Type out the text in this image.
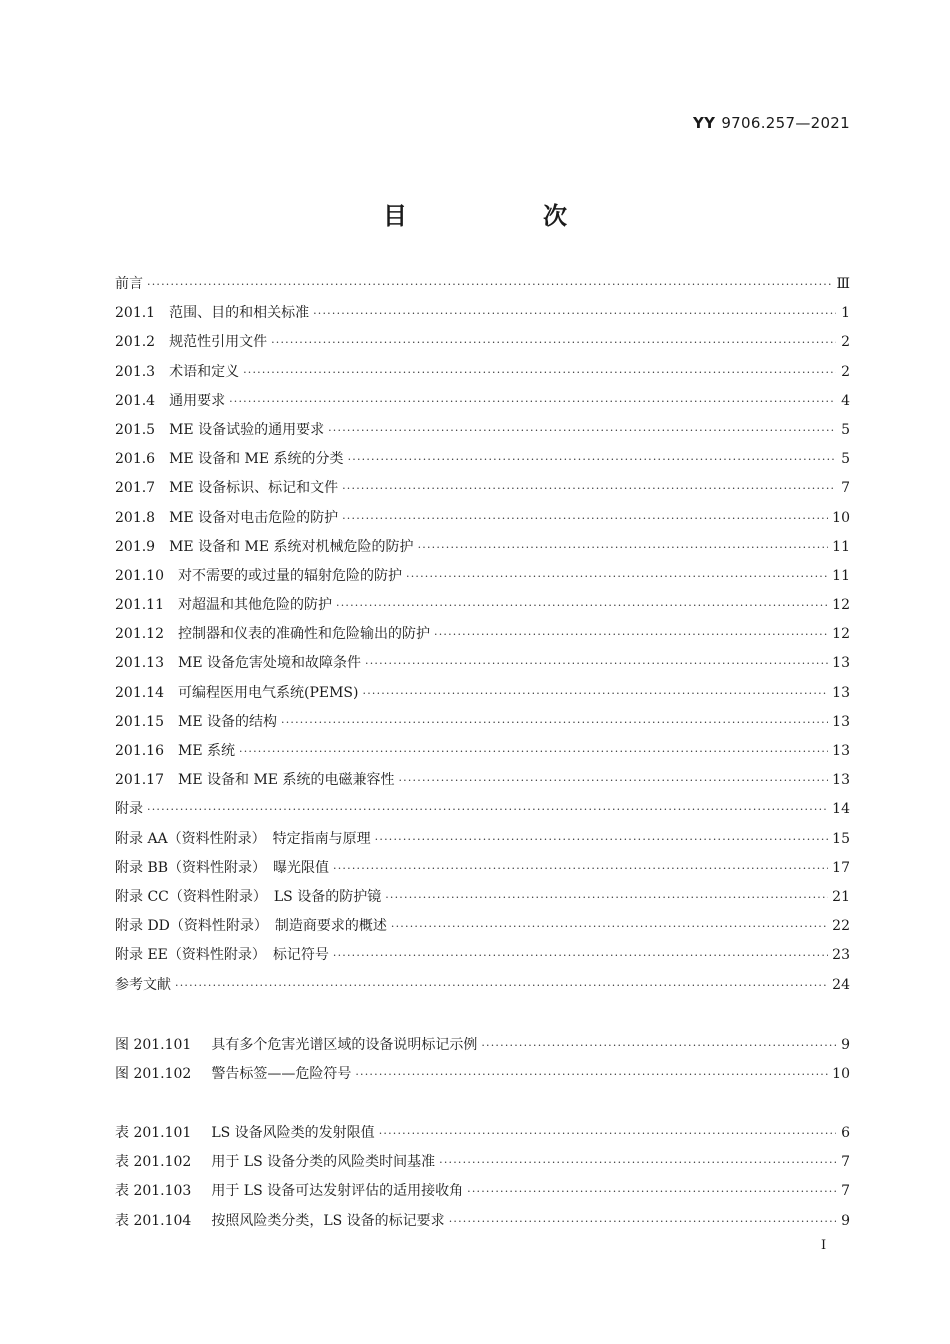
YY 9706.257—2021
目　次
前言 ·····	Ⅲ
201.1 范围、目的和相关标准 ·····	1
201.2 规范性引用文件 ·····	2
201.3 术语和定义 ·····	2
201.4 通用要求 ·····	4
201.5 ME 设备试验的通用要求 ·····	5
201.6 ME 设备和 ME 系统的分类 ·····	5
201.7 ME 设备标识、标记和文件 ·····	7
201.8 ME 设备对电击危险的防护 ·····	10
201.9 ME 设备和 ME 系统对机械危险的防护 ·····	11
201.10 对不需要的或过量的辐射危险的防护 ·····	11
201.11 对超温和其他危险的防护 ·····	12
201.12 控制器和仪表的准确性和危险输出的防护 ·····	12
201.13 ME 设备危害处境和故障条件 ·····	13
201.14 可编程医用电气系统(PEMS) ·····	13
201.15 ME 设备的结构 ·····	13
201.16 ME 系统 ·····	13
201.17 ME 设备和 ME 系统的电磁兼容性 ·····	13
附录 ·····	14
附录 AA（资料性附录）　特定指南与原理 ·····	15
附录 BB（资料性附录）　曝光限值 ·····	17
附录 CC（资料性附录）　LS 设备的防护镜 ·····	21
附录 DD（资料性附录）　制造商要求的概述 ·····	22
附录 EE（资料性附录）　标记符号 ·····	23
参考文献 ·····	24
图 201.101 具有多个危害光谱区域的设备说明标记示例 ·····	9
图 201.102 警告标签——危险符号 ·····	10
表 201.101 LS 设备风险类的发射限值 ·····	6
表 201.102 用于 LS 设备分类的风险类时间基准 ·····	7
表 201.103 用于 LS 设备可达发射评估的适用接收角 ·····	7
表 201.104 按照风险类分类，LS 设备的标记要求 ·····	9
I
